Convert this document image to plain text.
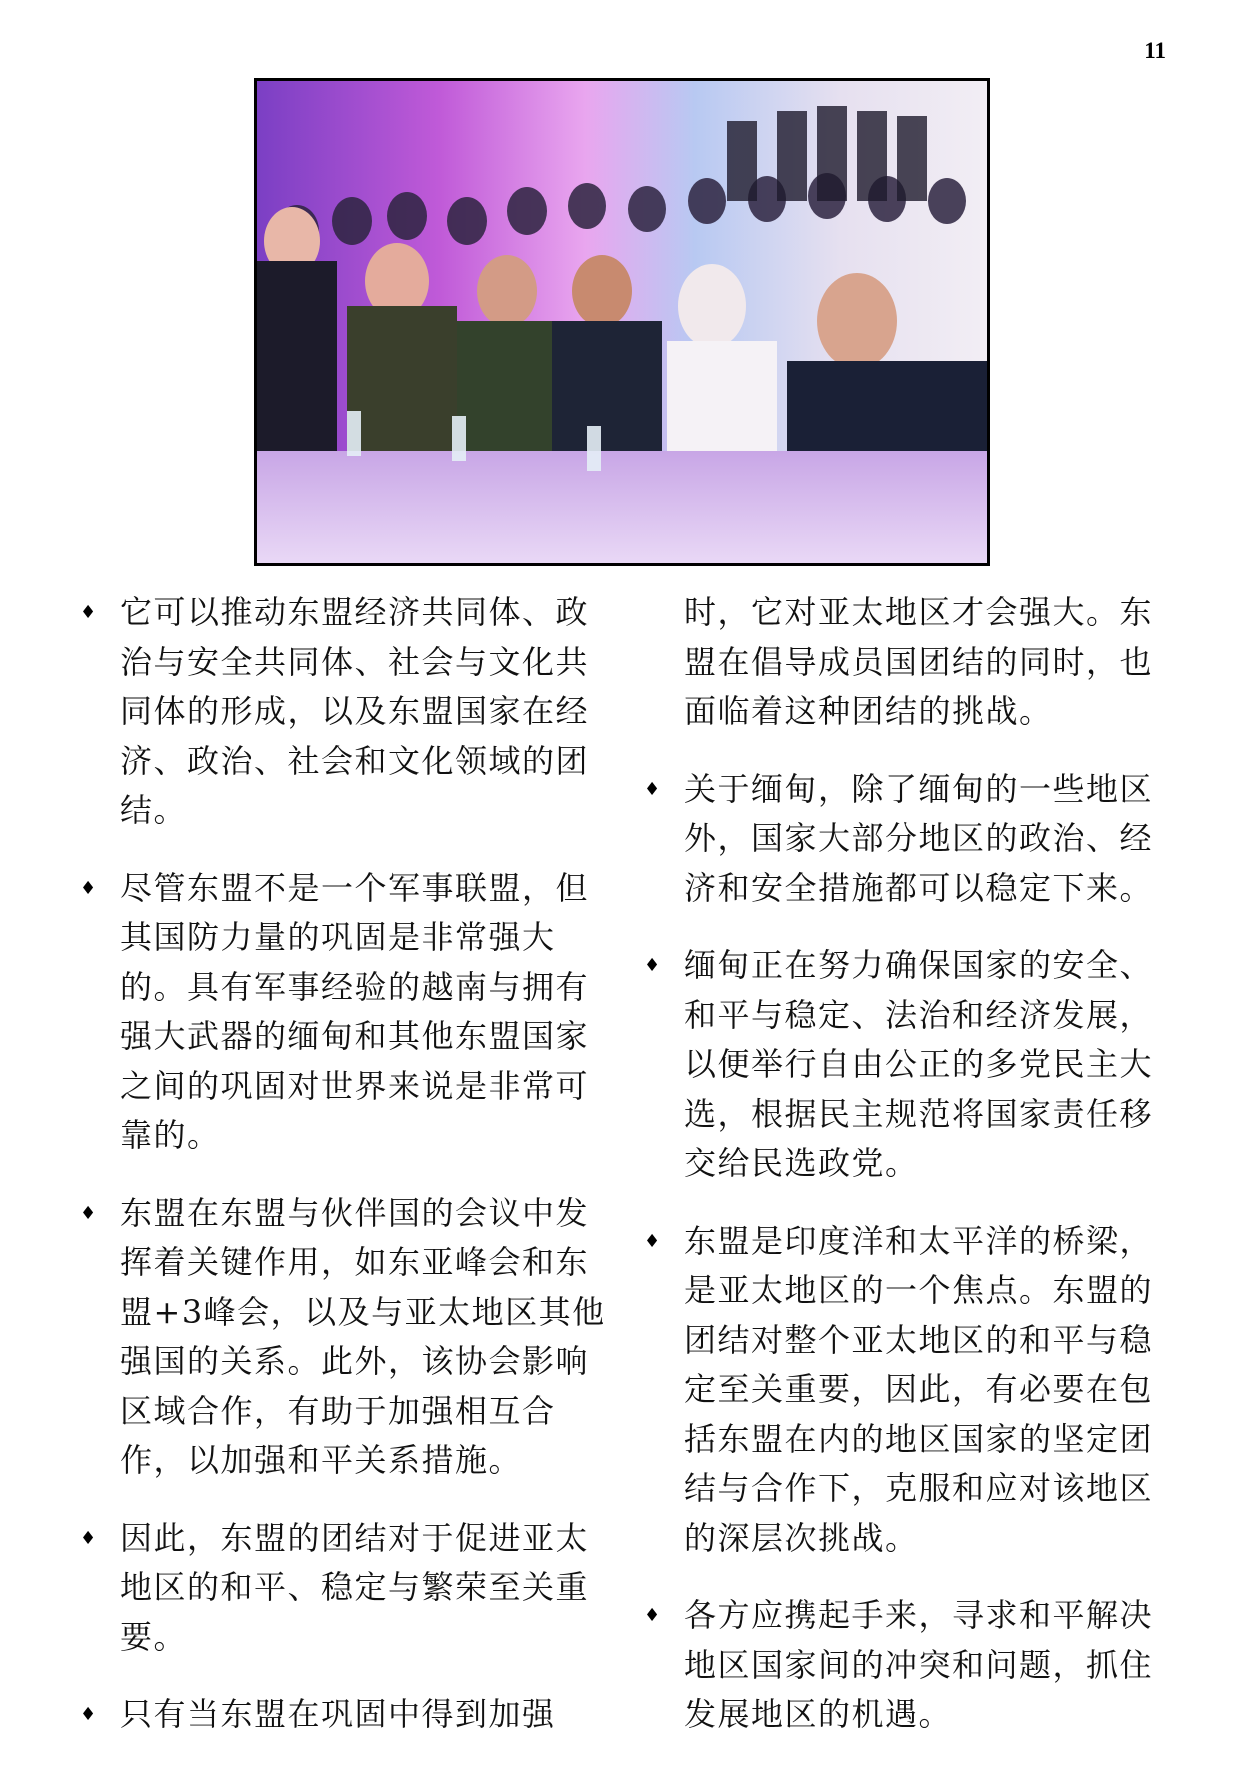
11
♦ 它可以推动东盟经济共同体、政治与安全共同体、社会与文化共同体的形成，以及东盟国家在经济、政治、社会和文化领域的团结。
♦ 尽管东盟不是一个军事联盟，但其国防力量的巩固是非常强大的。具有军事经验的越南与拥有强大武器的缅甸和其他东盟国家之间的巩固对世界来说是非常可靠的。
♦ 东盟在东盟与伙伴国的会议中发挥着关键作用，如东亚峰会和东盟+3峰会，以及与亚太地区其他强国的关系。此外，该协会影响区域合作，有助于加强相互合作，以加强和平关系措施。
♦ 因此，东盟的团结对于促进亚太地区的和平、稳定与繁荣至关重要。
♦ 只有当东盟在巩固中得到加强
时，它对亚太地区才会强大。东盟在倡导成员国团结的同时，也面临着这种团结的挑战。
♦ 关于缅甸，除了缅甸的一些地区外，国家大部分地区的政治、经济和安全措施都可以稳定下来。
♦ 缅甸正在努力确保国家的安全、和平与稳定、法治和经济发展，以便举行自由公正的多党民主大选，根据民主规范将国家责任移交给民选政党。
♦ 东盟是印度洋和太平洋的桥梁，是亚太地区的一个焦点。东盟的团结对整个亚太地区的和平与稳定至关重要，因此，有必要在包括东盟在内的地区国家的坚定团结与合作下，克服和应对该地区的深层次挑战。
♦ 各方应携起手来，寻求和平解决地区国家间的冲突和问题，抓住发展地区的机遇。
